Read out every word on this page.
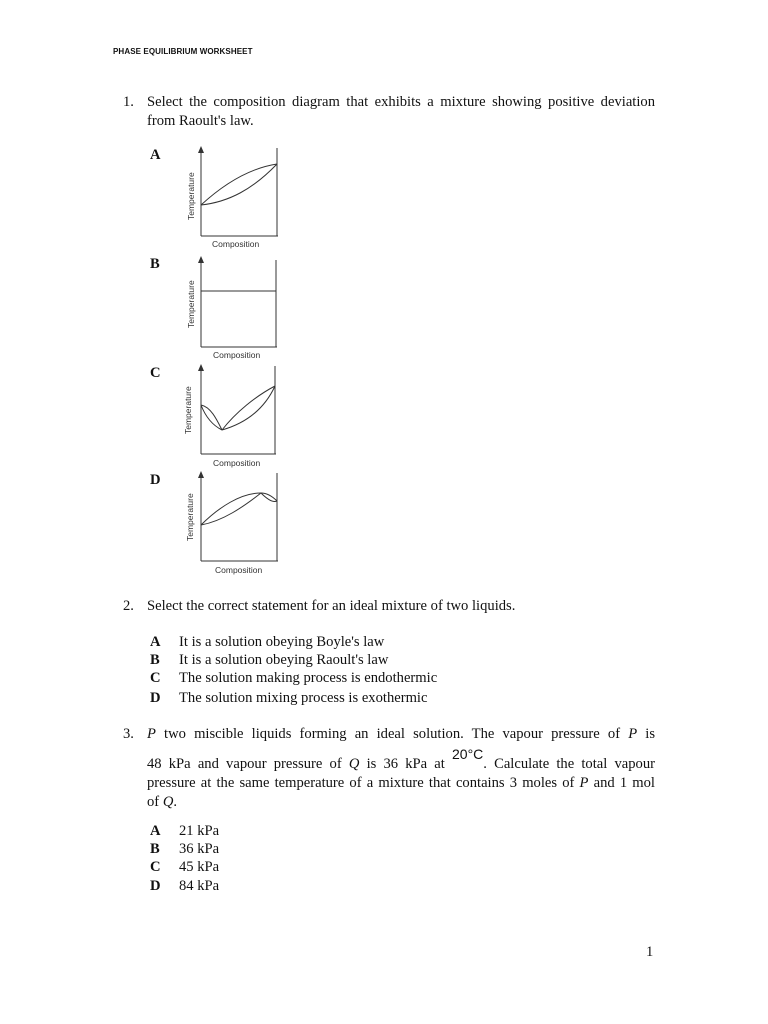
PHASE EQUILIBRIUM WORKSHEET
1. Select the composition diagram that exhibits a mixture showing positive deviation
from Raoult's law.
A
Composition
Temperature
B
Composition
Temperature
C
Composition
Temperature
D
Composition
Temperature
2. Select the correct statement for an ideal mixture of two liquids.
A It is a solution obeying Boyle's law
B It is a solution obeying Raoult's law
C The solution making process is endothermic
D The solution mixing process is exothermic
3. P two miscible liquids forming an ideal solution. The vapour pressure of P is
48 kPa and vapour pressure of Q is 36 kPa at 20°C. Calculate the total vapour
pressure at the same temperature of a mixture that contains 3 moles of P and 1 mol
of Q.
A 21 kPa
B 36 kPa
C 45 kPa
D 84 kPa
1
